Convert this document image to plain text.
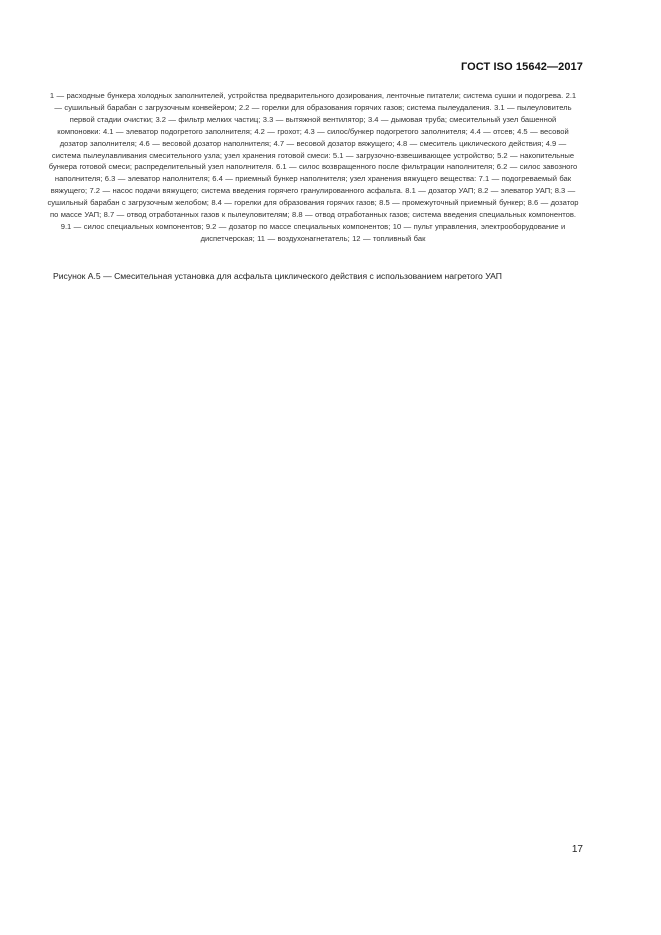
ГОСТ ISO 15642—2017

1 — расходные бункера холодных заполнителей, устройства предварительного дозирования, ленточные питатели; система сушки и подогрева. 2.1 — сушильный барабан с загрузочным конвейером; 2.2 — горелки для образования горячих газов; система пылеудаления. 3.1 — пылеуловитель первой стадии очистки; 3.2 — фильтр мелких частиц; 3.3 — вытяжной вентилятор; 3.4 — дымовая труба; смесительный узел башенной компоновки: 4.1 — элеватор подогретого заполнителя; 4.2 — грохот; 4.3 — силос/бункер подогретого заполнителя; 4.4 — отсев; 4.5 — весовой дозатор заполнителя; 4.6 — весовой дозатор наполнителя; 4.7 — весовой дозатор вяжущего; 4.8 — смеситель циклического действия; 4.9 — система пылеулавливания смесительного узла; узел хранения готовой смеси: 5.1 — загрузочно-взвешивающее устройство; 5.2 — накопительные бункера готовой смеси; распределительный узел наполнителя. 6.1 — силос возвращенного после фильтрации наполнителя; 6.2 — силос завозного наполнителя; 6.3 — элеватор наполнителя; 6.4 — приемный бункер наполнителя; узел хранения вяжущего вещества: 7.1 — подогреваемый бак вяжущего; 7.2 — насос подачи вяжущего; система введения горячего гранулированного асфальта. 8.1 — дозатор УАП; 8.2 — элеватор УАП; 8.3 — сушильный барабан с загрузочным желобом; 8.4 — горелки для образования горячих газов; 8.5 — промежуточный приемный бункер; 8.6 — дозатор по массе УАП; 8.7 — отвод отработанных газов к пылеуловителям; 8.8 — отвод отработанных газов; система введения специальных компонентов. 9.1 — силос специальных компонентов; 9.2 — дозатор по массе специальных компонентов; 10 — пульт управления, электрооборудование и диспетчерская; 11 — воздухонагнетатель; 12 — топливный бак

Рисунок А.5 — Смесительная установка для асфальта циклического действия с использованием нагретого УАП

17
